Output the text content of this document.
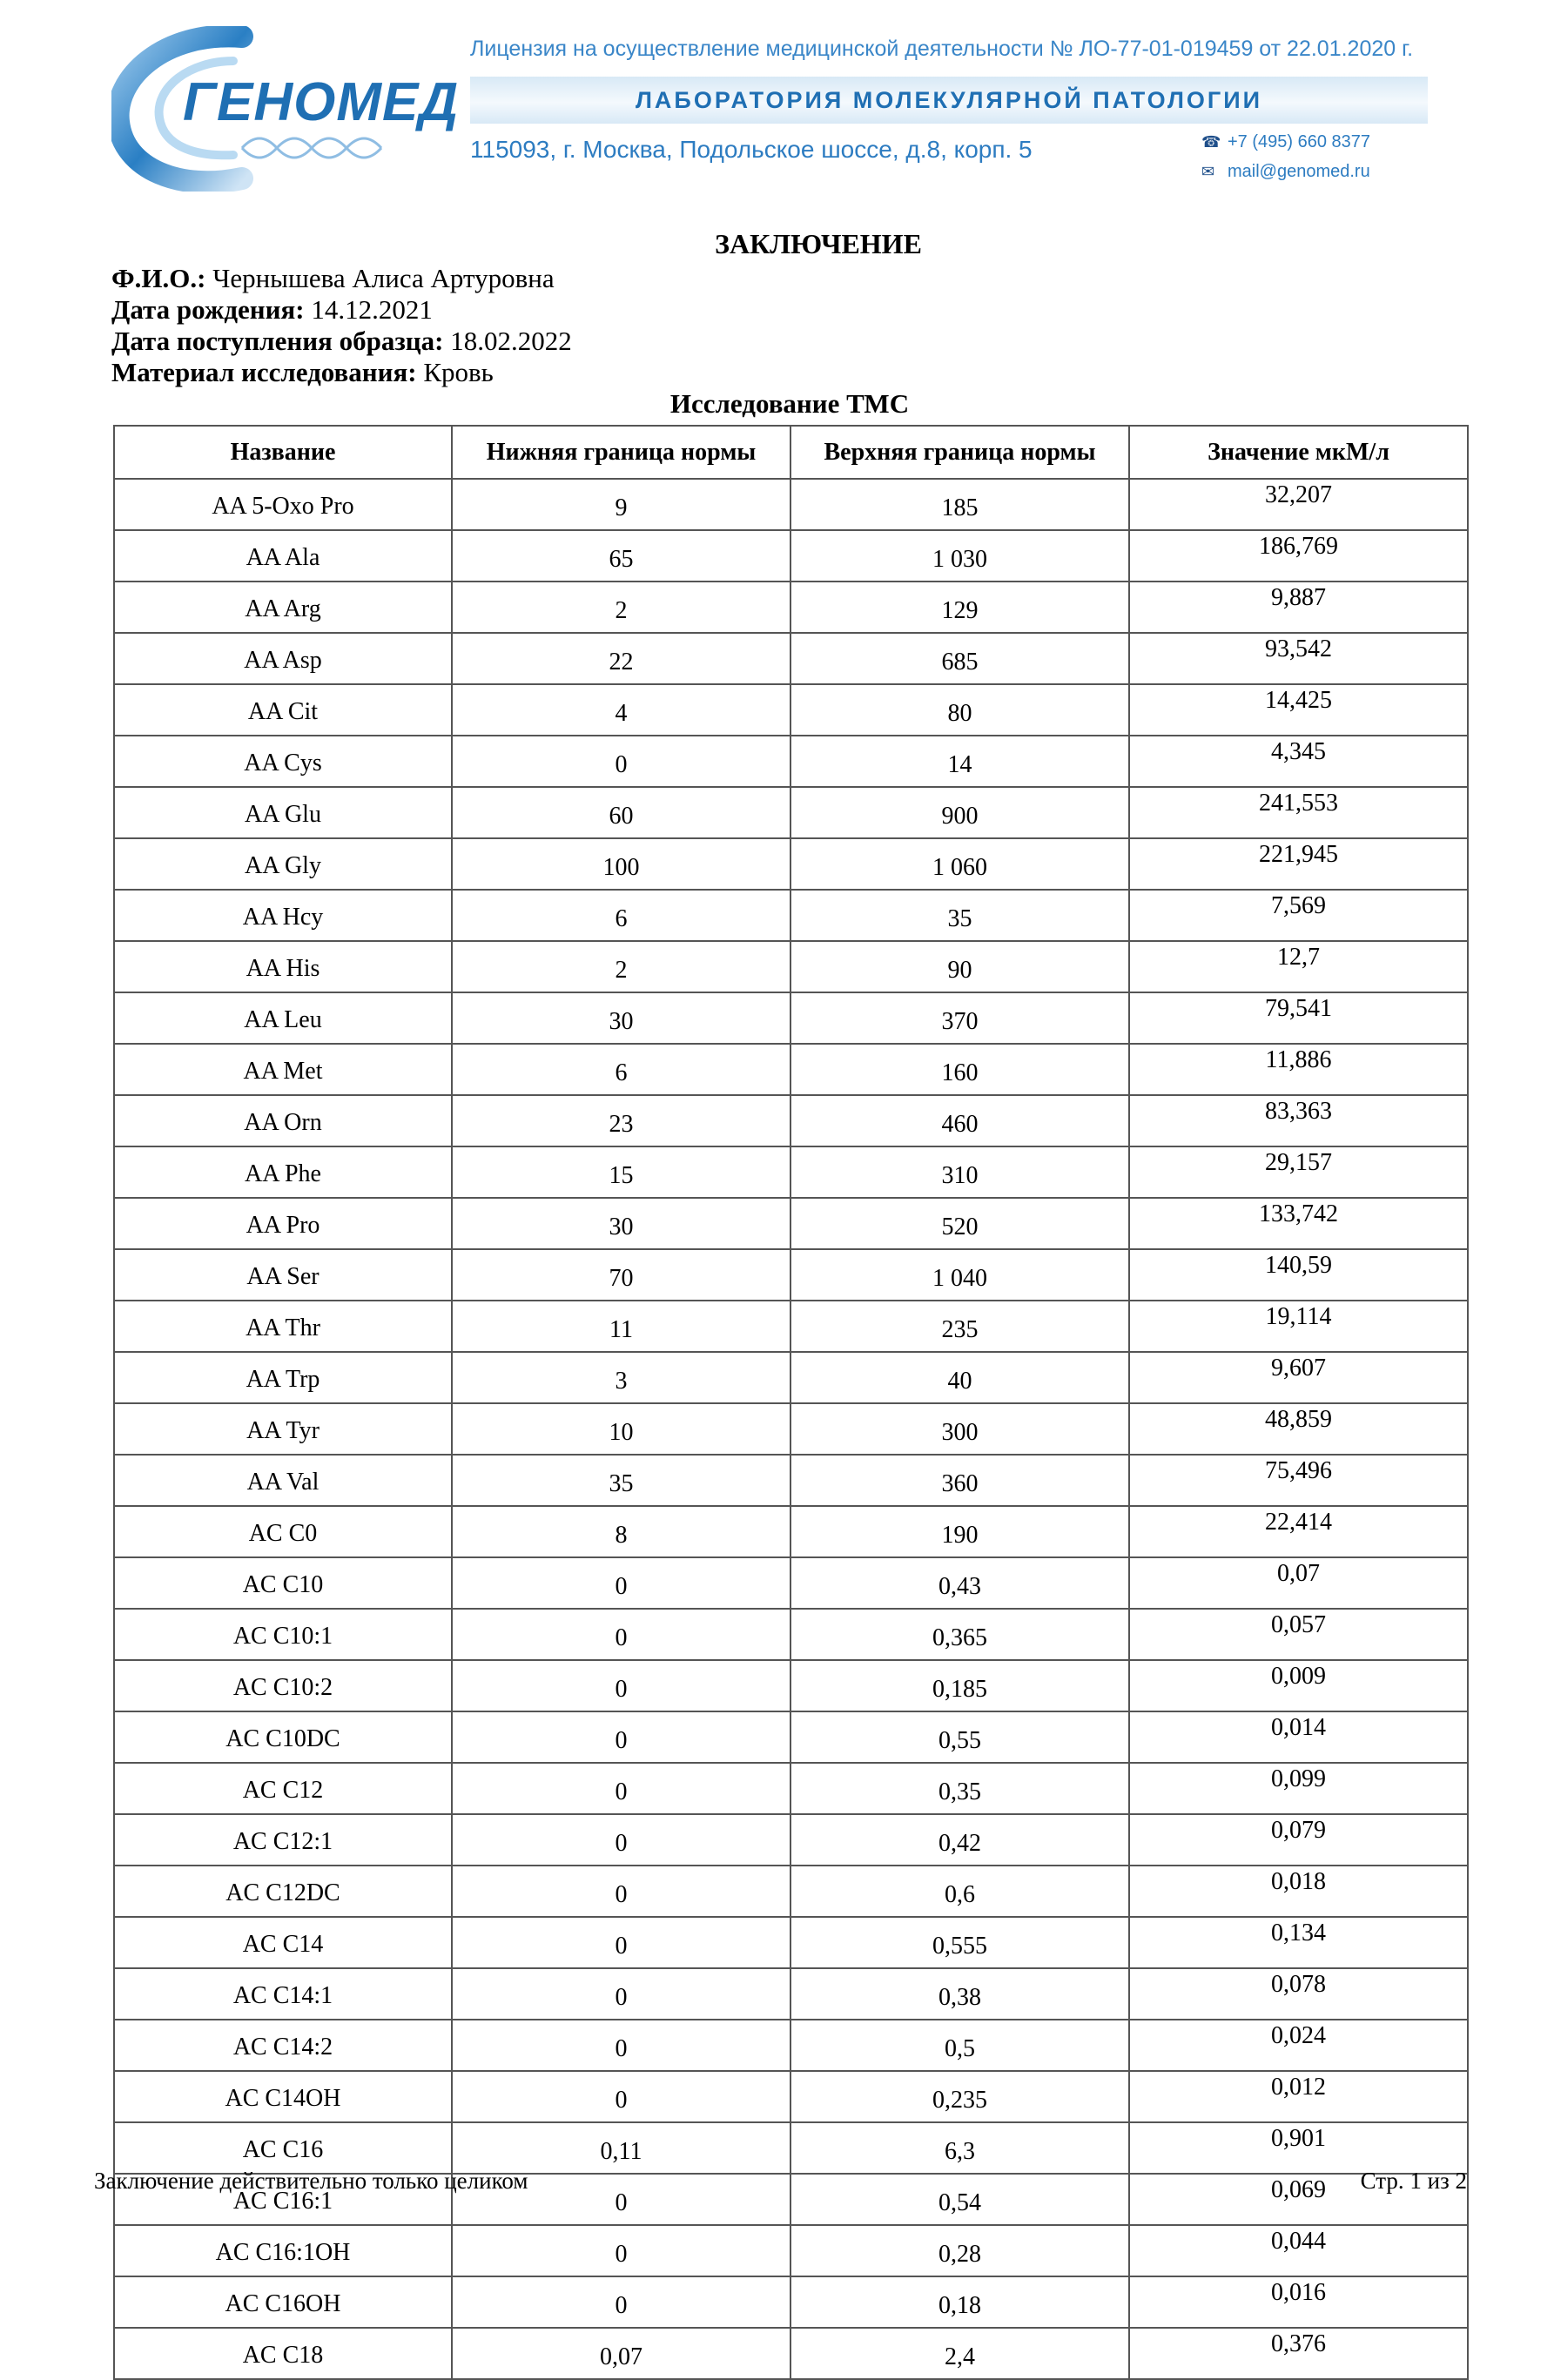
ГЕНОМЕД
Лицензия на осуществление медицинской деятельности № ЛО-77-01-019459 от 22.01.2020 г.
ЛАБОРАТОРИЯ МОЛЕКУЛЯРНОЙ ПАТОЛОГИИ
115093, г. Москва, Подольское шоссе, д.8, корп. 5	☎ +7 (495) 660 8377
✉ mail@genomed.ru
ЗАКЛЮЧЕНИЕ
Ф.И.О.: Чернышева Алиса Артуровна
Дата рождения: 14.12.2021
Дата поступления образца: 18.02.2022
Материал исследования: Кровь
Исследование ТМС
Название	Нижняя граница нормы	Верхняя граница нормы	Значение мкМ/л
AA 5-Oxo Pro	9	185	32,207
AA Ala	65	1 030	186,769
AA Arg	2	129	9,887
AA Asp	22	685	93,542
AA Cit	4	80	14,425
AA Cys	0	14	4,345
AA Glu	60	900	241,553
AA Gly	100	1 060	221,945
AA Hcy	6	35	7,569
AA His	2	90	12,7
AA Leu	30	370	79,541
AA Met	6	160	11,886
AA Orn	23	460	83,363
AA Phe	15	310	29,157
AA Pro	30	520	133,742
AA Ser	70	1 040	140,59
AA Thr	11	235	19,114
AA Trp	3	40	9,607
AA Tyr	10	300	48,859
AA Val	35	360	75,496
AC C0	8	190	22,414
AC C10	0	0,43	0,07
AC C10:1	0	0,365	0,057
AC C10:2	0	0,185	0,009
AC C10DC	0	0,55	0,014
AC C12	0	0,35	0,099
AC C12:1	0	0,42	0,079
AC C12DC	0	0,6	0,018
AC C14	0	0,555	0,134
AC C14:1	0	0,38	0,078
AC C14:2	0	0,5	0,024
AC C14OH	0	0,235	0,012
AC C16	0,11	6,3	0,901
AC C16:1	0	0,54	0,069
AC C16:1OH	0	0,28	0,044
AC C16OH	0	0,18	0,016
AC C18	0,07	2,4	0,376
Заключение действительно только целиком	Стр. 1 из 2
